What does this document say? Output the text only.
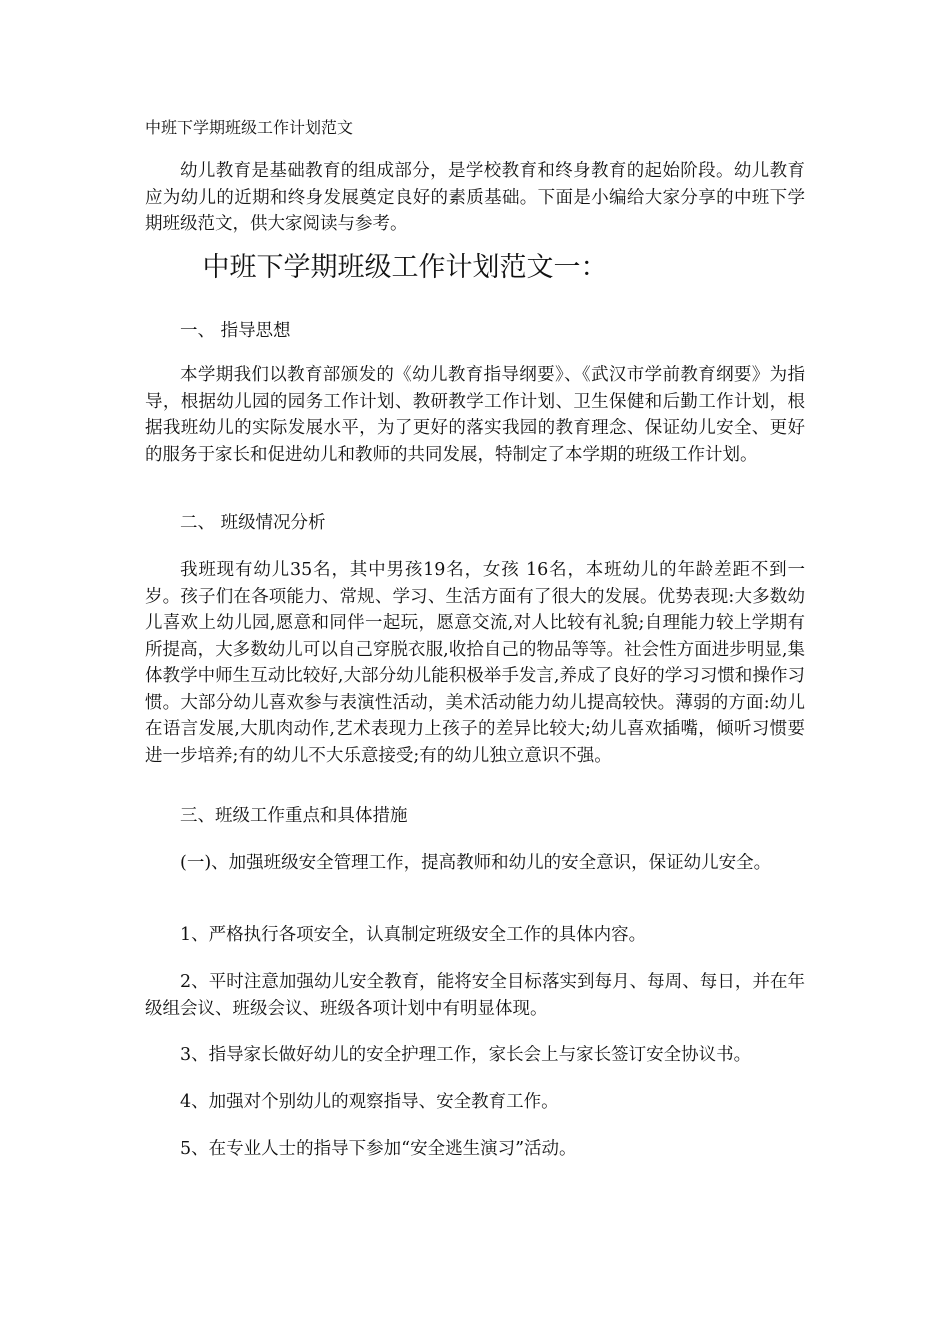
中班下学期班级工作计划范文

幼儿教育是基础教育的组成部分，是学校教育和终身教育的起始阶段。幼儿教育应为幼儿的近期和终身发展奠定良好的素质基础。下面是小编给大家分享的中班下学期班级范文，供大家阅读与参考。

中班下学期班级工作计划范文一：
一、 指导思想

本学期我们以教育部颁发的《幼儿教育指导纲要》、《武汉市学前教育纲要》为指导，根据幼儿园的园务工作计划、教研教学工作计划、卫生保健和后勤工作计划，根据我班幼儿的实际发展水平，为了更好的落实我园的教育理念、保证幼儿安全、更好的服务于家长和促进幼儿和教师的共同发展，特制定了本学期的班级工作计划。

二、 班级情况分析

我班现有幼儿35名，其中男孩19名，女孩 16名，本班幼儿的年龄差距不到一岁。孩子们在各项能力、常规、学习、生活方面有了很大的发展。优势表现:大多数幼儿喜欢上幼儿园,愿意和同伴一起玩，愿意交流,对人比较有礼貌;自理能力较上学期有所提高，大多数幼儿可以自己穿脱衣服,收拾自己的物品等等。社会性方面进步明显,集体教学中师生互动比较好,大部分幼儿能积极举手发言,养成了良好的学习习惯和操作习惯。大部分幼儿喜欢参与表演性活动，美术活动能力幼儿提高较快。薄弱的方面:幼儿在语言发展,大肌肉动作,艺术表现力上孩子的差异比较大;幼儿喜欢插嘴，倾听习惯要进一步培养;有的幼儿不大乐意接受;有的幼儿独立意识不强。

三、班级工作重点和具体措施

(一)、加强班级安全管理工作，提高教师和幼儿的安全意识，保证幼儿安全。

1、严格执行各项安全，认真制定班级安全工作的具体内容。

2、平时注意加强幼儿安全教育，能将安全目标落实到每月、每周、每日，并在年级组会议、班级会议、班级各项计划中有明显体现。

3、指导家长做好幼儿的安全护理工作，家长会上与家长签订安全协议书。

4、加强对个别幼儿的观察指导、安全教育工作。

5、在专业人士的指导下参加“安全逃生演习”活动。
